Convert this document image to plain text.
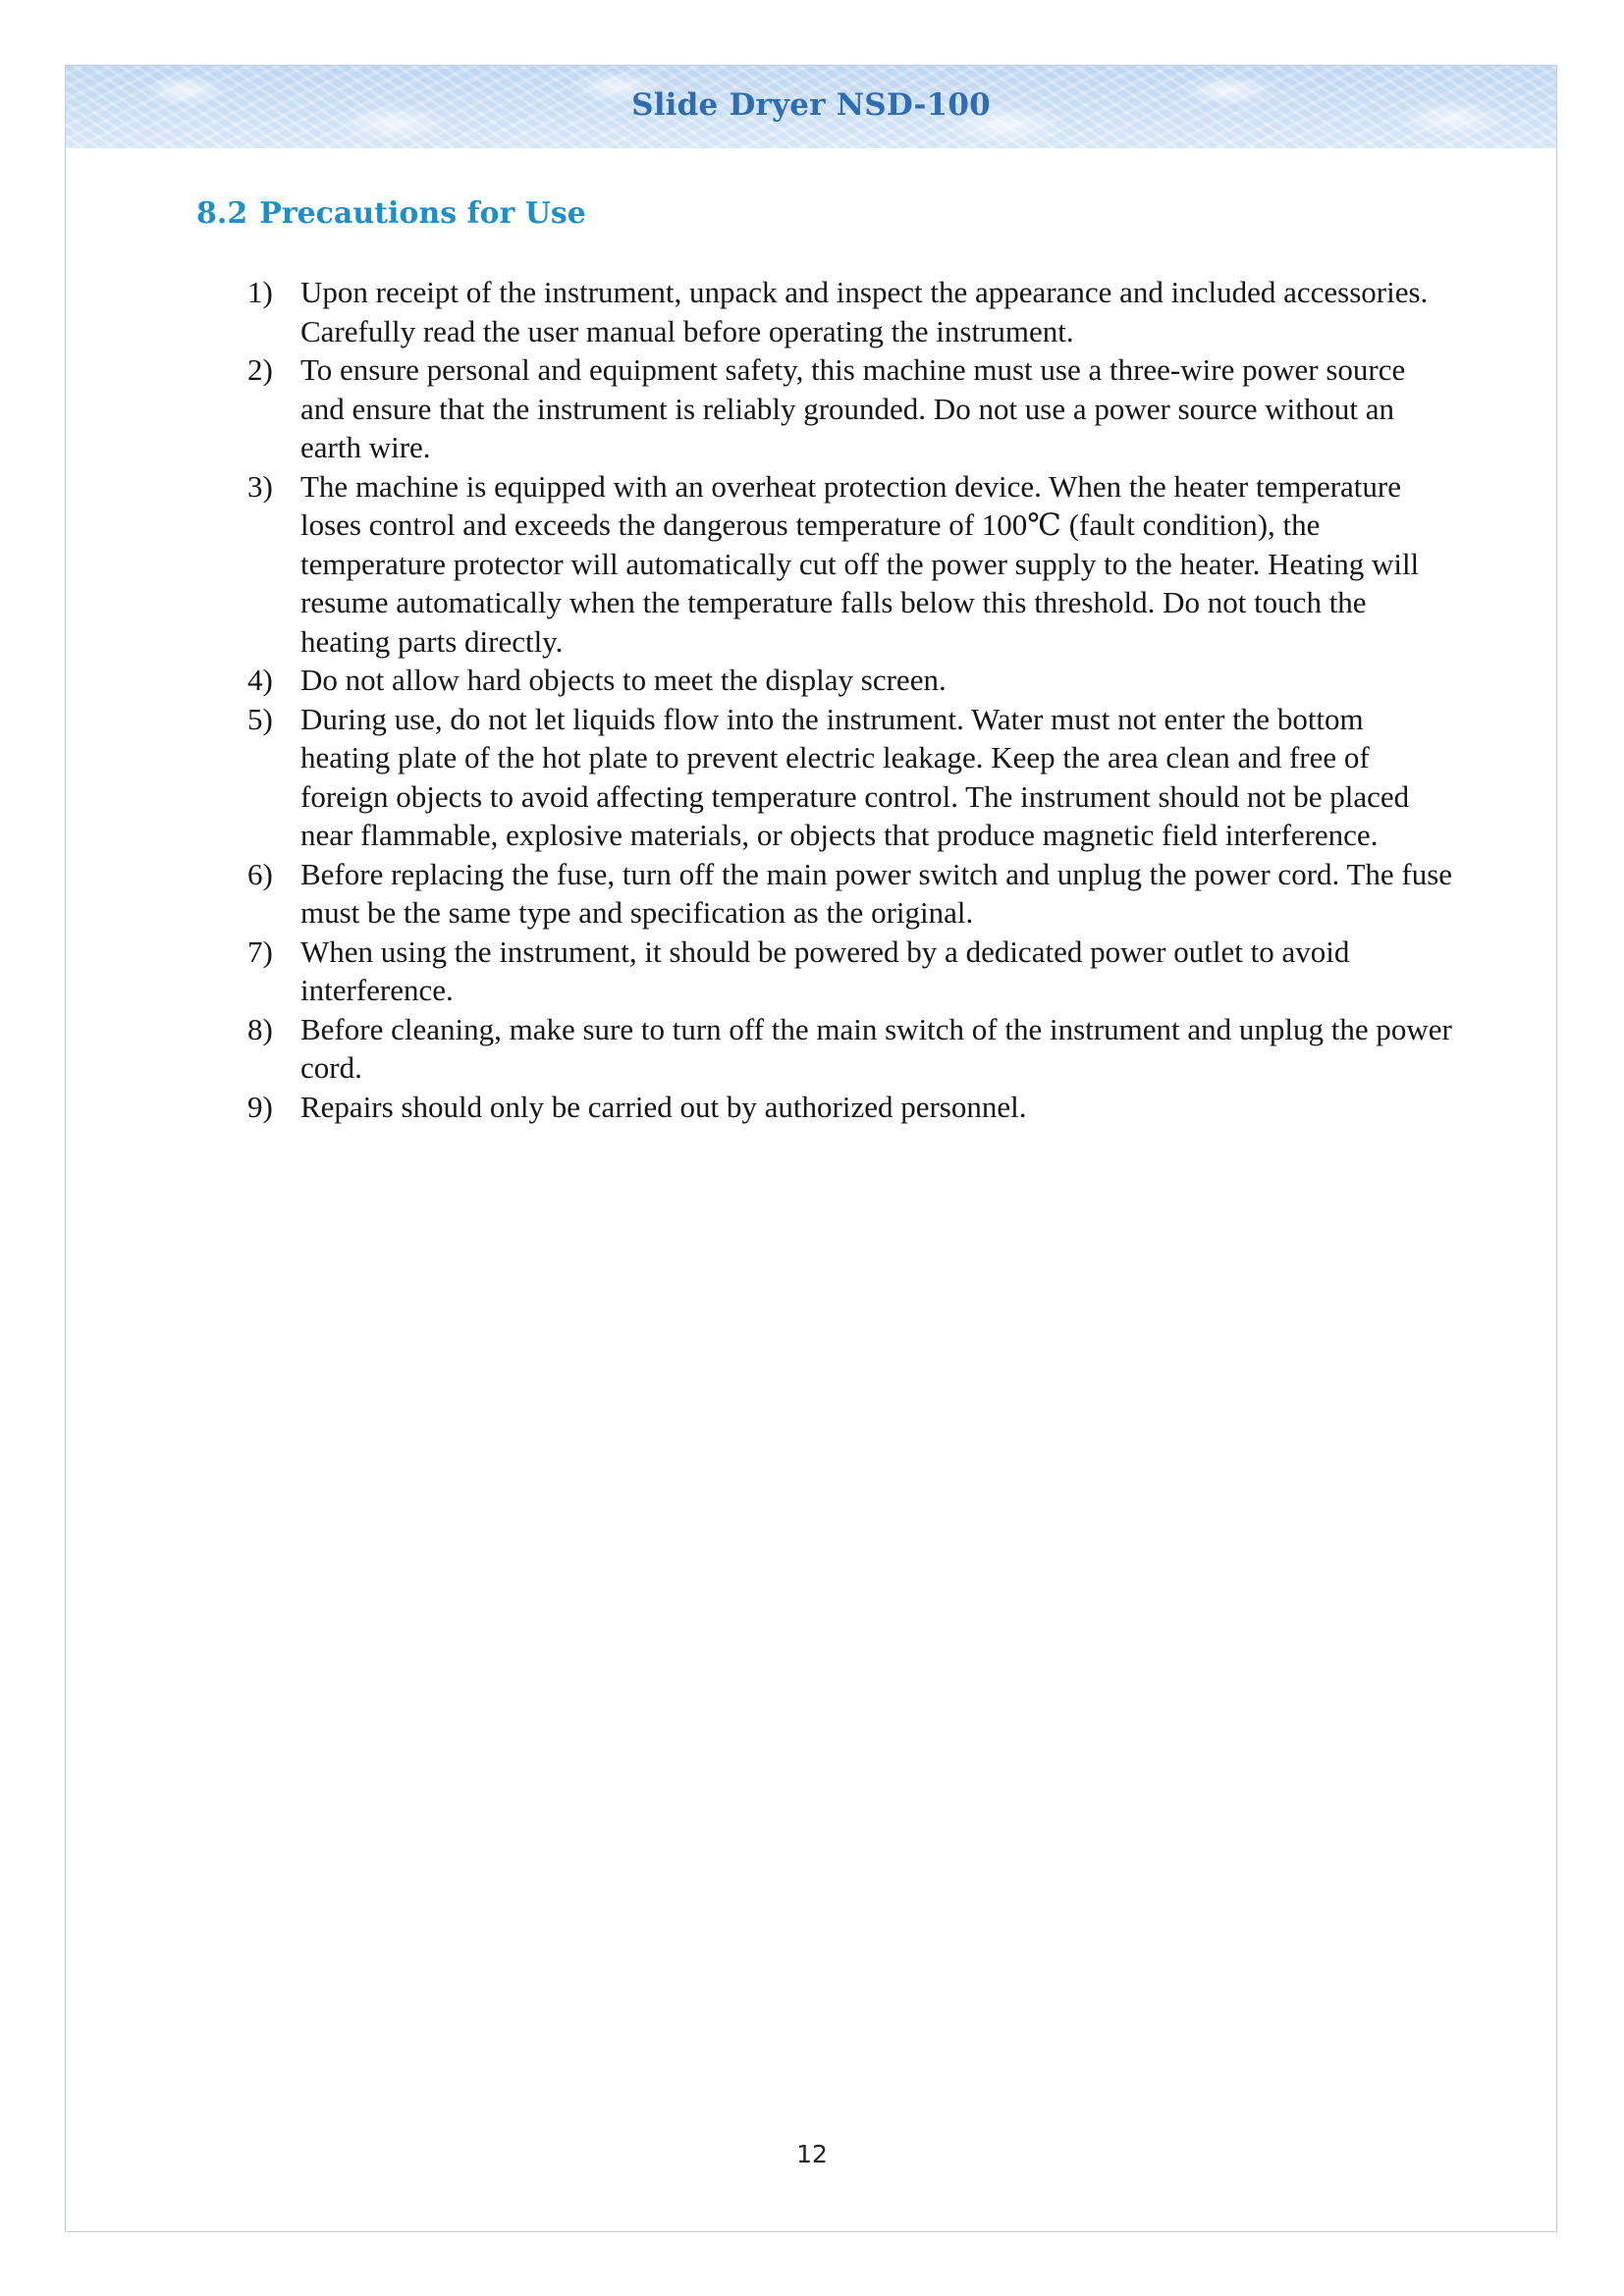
Slide Dryer NSD-100
8.2 Precautions for Use
1) Upon receipt of the instrument, unpack and inspect the appearance and included accessories. Carefully read the user manual before operating the instrument.
2) To ensure personal and equipment safety, this machine must use a three-wire power source and ensure that the instrument is reliably grounded. Do not use a power source without an earth wire.
3) The machine is equipped with an overheat protection device. When the heater temperature loses control and exceeds the dangerous temperature of 100℃ (fault condition), the temperature protector will automatically cut off the power supply to the heater. Heating will resume automatically when the temperature falls below this threshold. Do not touch the heating parts directly.
4) Do not allow hard objects to meet the display screen.
5) During use, do not let liquids flow into the instrument. Water must not enter the bottom heating plate of the hot plate to prevent electric leakage. Keep the area clean and free of foreign objects to avoid affecting temperature control. The instrument should not be placed near flammable, explosive materials, or objects that produce magnetic field interference.
6) Before replacing the fuse, turn off the main power switch and unplug the power cord. The fuse must be the same type and specification as the original.
7) When using the instrument, it should be powered by a dedicated power outlet to avoid interference.
8) Before cleaning, make sure to turn off the main switch of the instrument and unplug the power cord.
9) Repairs should only be carried out by authorized personnel.
12
